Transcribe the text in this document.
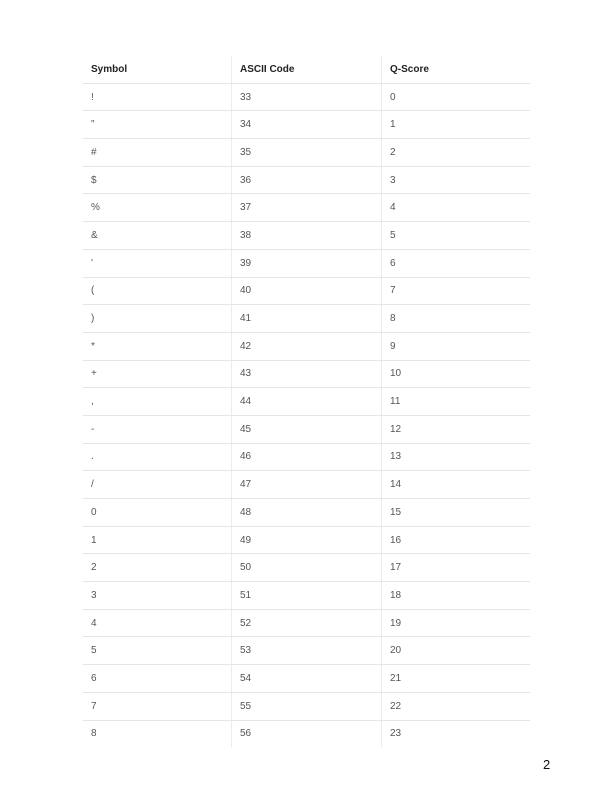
Symbol	ASCII Code	Q-Score
!	33	0
"	34	1
#	35	2
$	36	3
%	37	4
&	38	5
'	39	6
(	40	7
)	41	8
*	42	9
+	43	10
,	44	11
-	45	12
.	46	13
/	47	14
0	48	15
1	49	16
2	50	17
3	51	18
4	52	19
5	53	20
6	54	21
7	55	22
8	56	23
2
